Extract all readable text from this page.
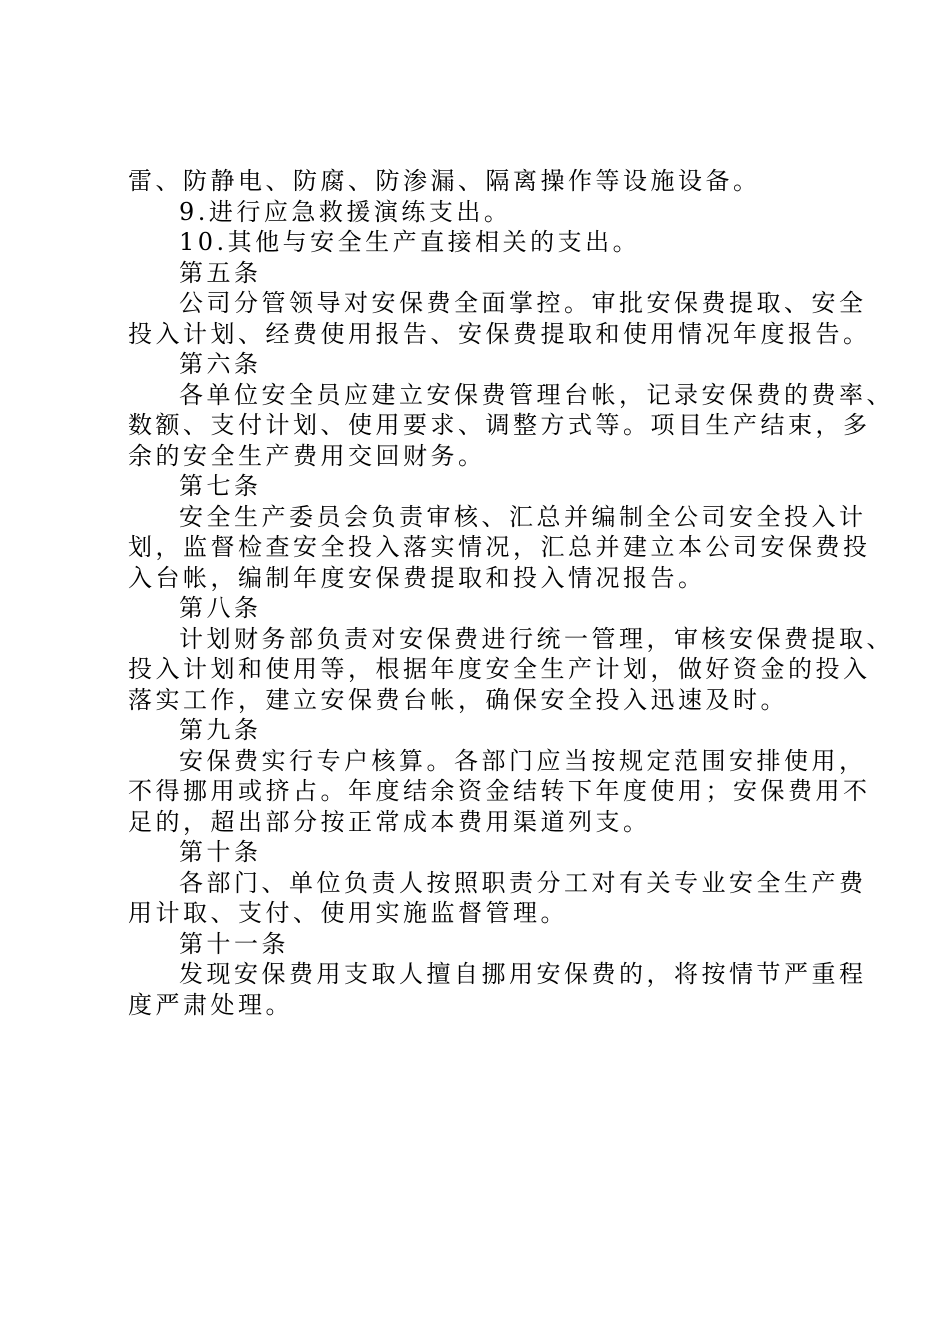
雷、防静电、防腐、防渗漏、隔离操作等设施设备。
9.进行应急救援演练支出。
10.其他与安全生产直接相关的支出。
第五条
公司分管领导对安保费全面掌控。审批安保费提取、安全
投入计划、经费使用报告、安保费提取和使用情况年度报告。
第六条
各单位安全员应建立安保费管理台帐，记录安保费的费率、
数额、支付计划、使用要求、调整方式等。项目生产结束，多
余的安全生产费用交回财务。
第七条
安全生产委员会负责审核、汇总并编制全公司安全投入计
划，监督检查安全投入落实情况，汇总并建立本公司安保费投
入台帐，编制年度安保费提取和投入情况报告。
第八条
计划财务部负责对安保费进行统一管理，审核安保费提取、
投入计划和使用等，根据年度安全生产计划，做好资金的投入
落实工作，建立安保费台帐，确保安全投入迅速及时。
第九条
安保费实行专户核算。各部门应当按规定范围安排使用，
不得挪用或挤占。年度结余资金结转下年度使用；安保费用不
足的，超出部分按正常成本费用渠道列支。
第十条
各部门、单位负责人按照职责分工对有关专业安全生产费
用计取、支付、使用实施监督管理。
第十一条
发现安保费用支取人擅自挪用安保费的，将按情节严重程
度严肃处理。
